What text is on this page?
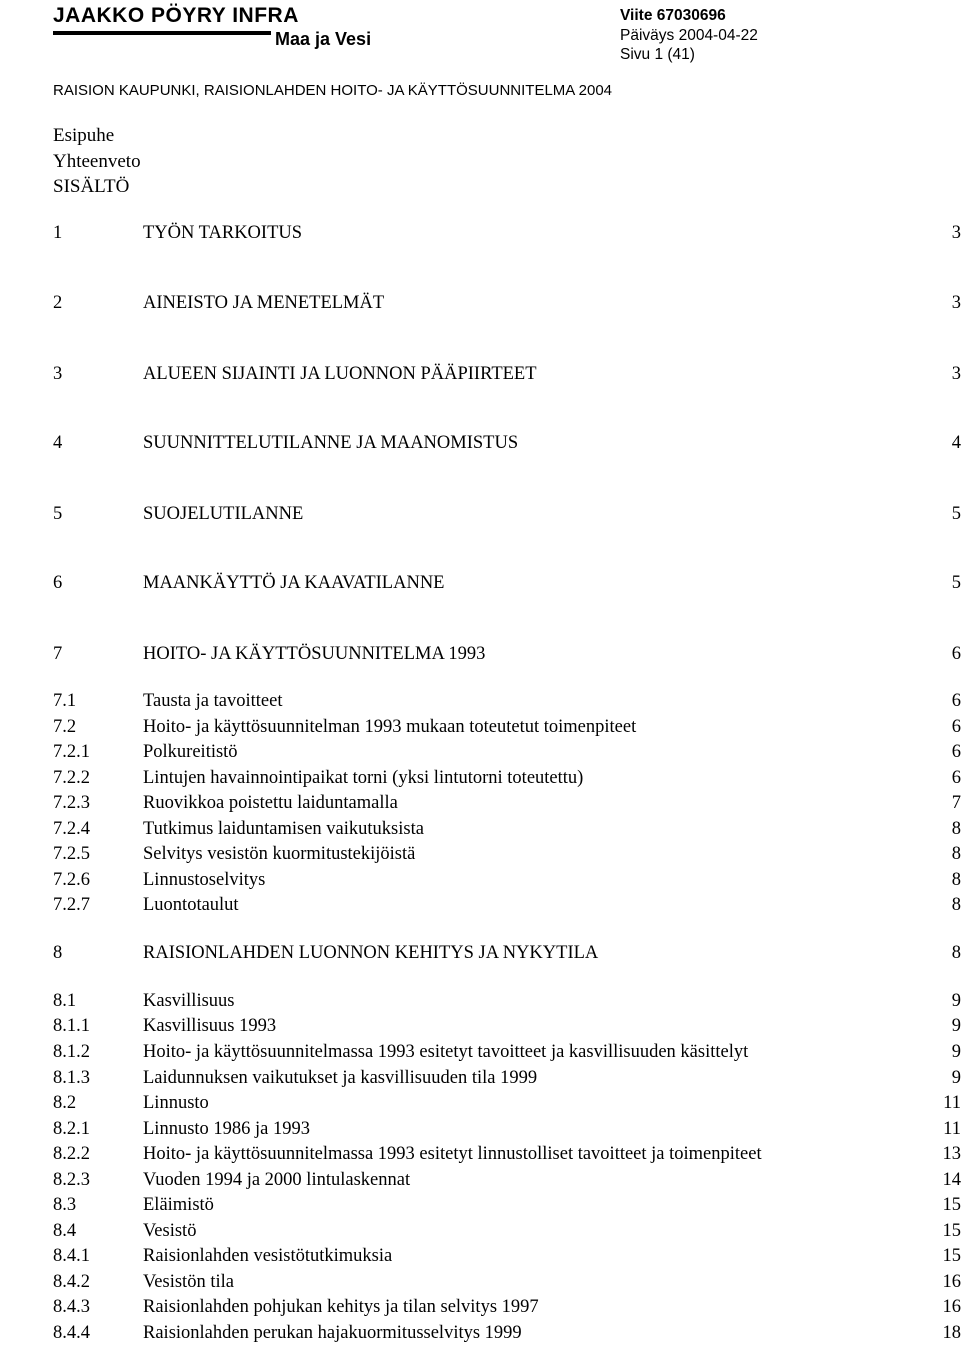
JAAKKO PÖYRY INFRA
Maa ja Vesi
Viite 67030696
Päiväys 2004-04-22
Sivu 1 (41)
RAISION KAUPUNKI, RAISIONLAHDEN HOITO- JA KÄYTTÖSUUNNITELMA 2004
Esipuhe
Yhteenveto
SISÄLTÖ
1	TYÖN TARKOITUS	3
2	AINEISTO JA MENETELMÄT	3
3	ALUEEN SIJAINTI JA LUONNON PÄÄPIIRTEET	3
4	SUUNNITTELUTILANNE JA MAANOMISTUS	4
5	SUOJELUTILANNE	5
6	MAANKÄYTTÖ JA KAAVATILANNE	5
7	HOITO- JA KÄYTTÖSUUNNITELMA 1993	6
7.1	Tausta ja tavoitteet	6
7.2	Hoito- ja käyttösuunnitelman 1993 mukaan toteutetut toimenpiteet	6
7.2.1	Polkureitistö	6
7.2.2	Lintujen havainnointipaikat torni (yksi lintutorni toteutettu)	6
7.2.3	Ruovikkoa poistettu laiduntamalla	7
7.2.4	Tutkimus laiduntamisen vaikutuksista	8
7.2.5	Selvitys vesistön kuormitustekijöistä	8
7.2.6	Linnustoselvitys	8
7.2.7	Luontotaulut	8
8	RAISIONLAHDEN LUONNON KEHITYS JA NYKYTILA	8
8.1	Kasvillisuus	9
8.1.1	Kasvillisuus 1993	9
8.1.2	Hoito- ja käyttösuunnitelmassa 1993 esitetyt tavoitteet ja kasvillisuuden käsittelyt	9
8.1.3	Laidunnuksen vaikutukset ja kasvillisuuden tila 1999	9
8.2	Linnusto	11
8.2.1	Linnusto 1986 ja 1993	11
8.2.2	Hoito- ja käyttösuunnitelmassa 1993 esitetyt linnustolliset tavoitteet ja toimenpiteet	13
8.2.3	Vuoden 1994 ja 2000 lintulaskennat	14
8.3	Eläimistö	15
8.4	Vesistö	15
8.4.1	Raisionlahden vesistötutkimuksia	15
8.4.2	Vesistön tila	16
8.4.3	Raisionlahden pohjukan kehitys ja tilan selvitys 1997	16
8.4.4	Raisionlahden perukan hajakuormitusselvitys 1999	18
